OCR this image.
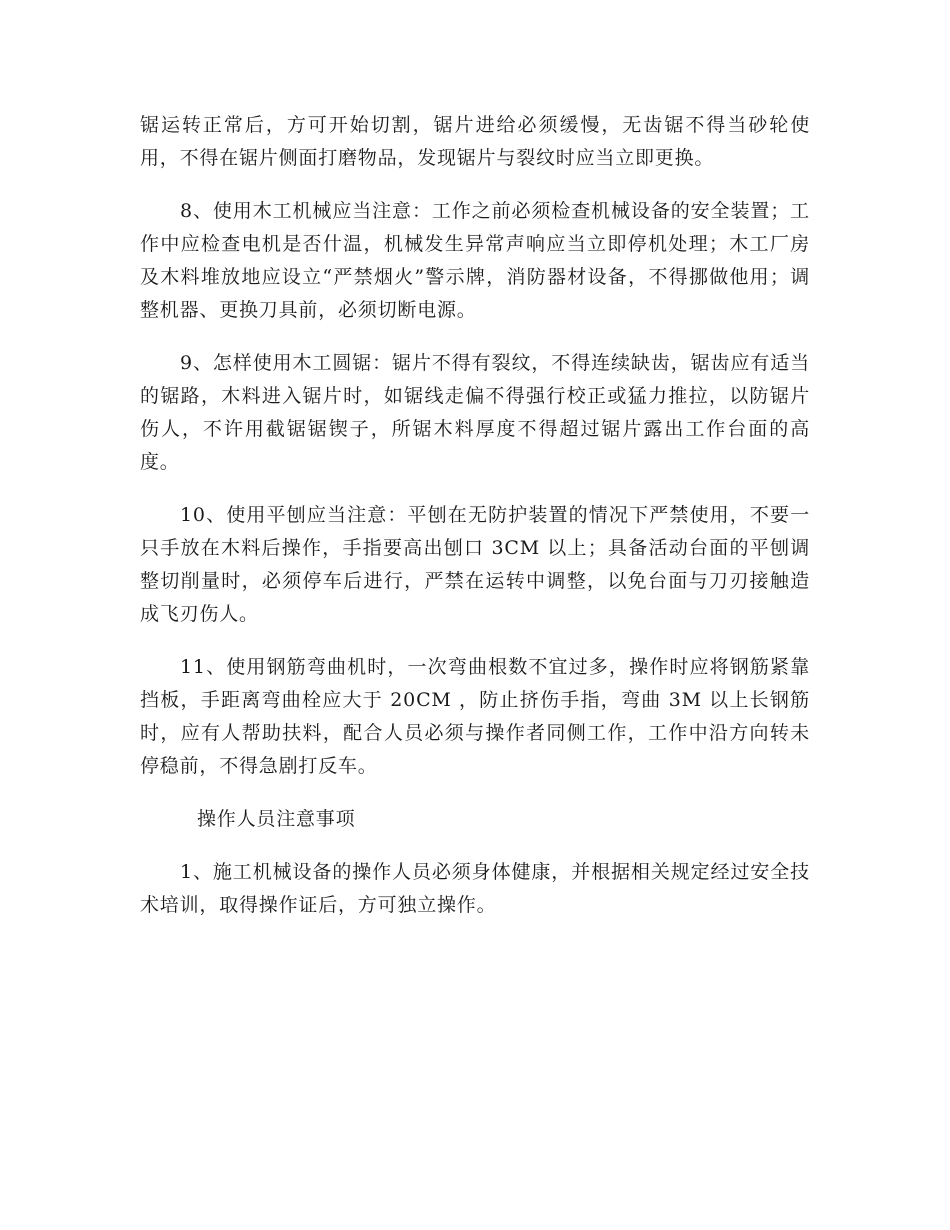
锯运转正常后，方可开始切割，锯片进给必须缓慢，无齿锯不得当砂轮使用，不得在锯片侧面打磨物品，发现锯片与裂纹时应当立即更换。

8、使用木工机械应当注意：工作之前必须检查机械设备的安全装置；工作中应检查电机是否什温，机械发生异常声响应当立即停机处理；木工厂房及木料堆放地应设立“严禁烟火”警示牌，消防器材设备，不得挪做他用；调整机器、更换刀具前，必须切断电源。

9、怎样使用木工圆锯：锯片不得有裂纹，不得连续缺齿，锯齿应有适当的锯路，木料进入锯片时，如锯线走偏不得强行校正或猛力推拉，以防锯片伤人，不许用截锯锯锲子，所锯木料厚度不得超过锯片露出工作台面的高度。

10、使用平刨应当注意：平刨在无防护装置的情况下严禁使用，不要一只手放在木料后操作，手指要高出刨口 3CM 以上；具备活动台面的平刨调整切削量时，必须停车后进行，严禁在运转中调整，以免台面与刀刃接触造成飞刃伤人。

11、使用钢筋弯曲机时，一次弯曲根数不宜过多，操作时应将钢筋紧靠挡板，手距离弯曲栓应大于 20CM ，防止挤伤手指，弯曲 3M 以上长钢筋时，应有人帮助扶料，配合人员必须与操作者同侧工作，工作中沿方向转未停稳前，不得急剧打反车。

操作人员注意事项

1、施工机械设备的操作人员必须身体健康，并根据相关规定经过安全技术培训，取得操作证后，方可独立操作。
